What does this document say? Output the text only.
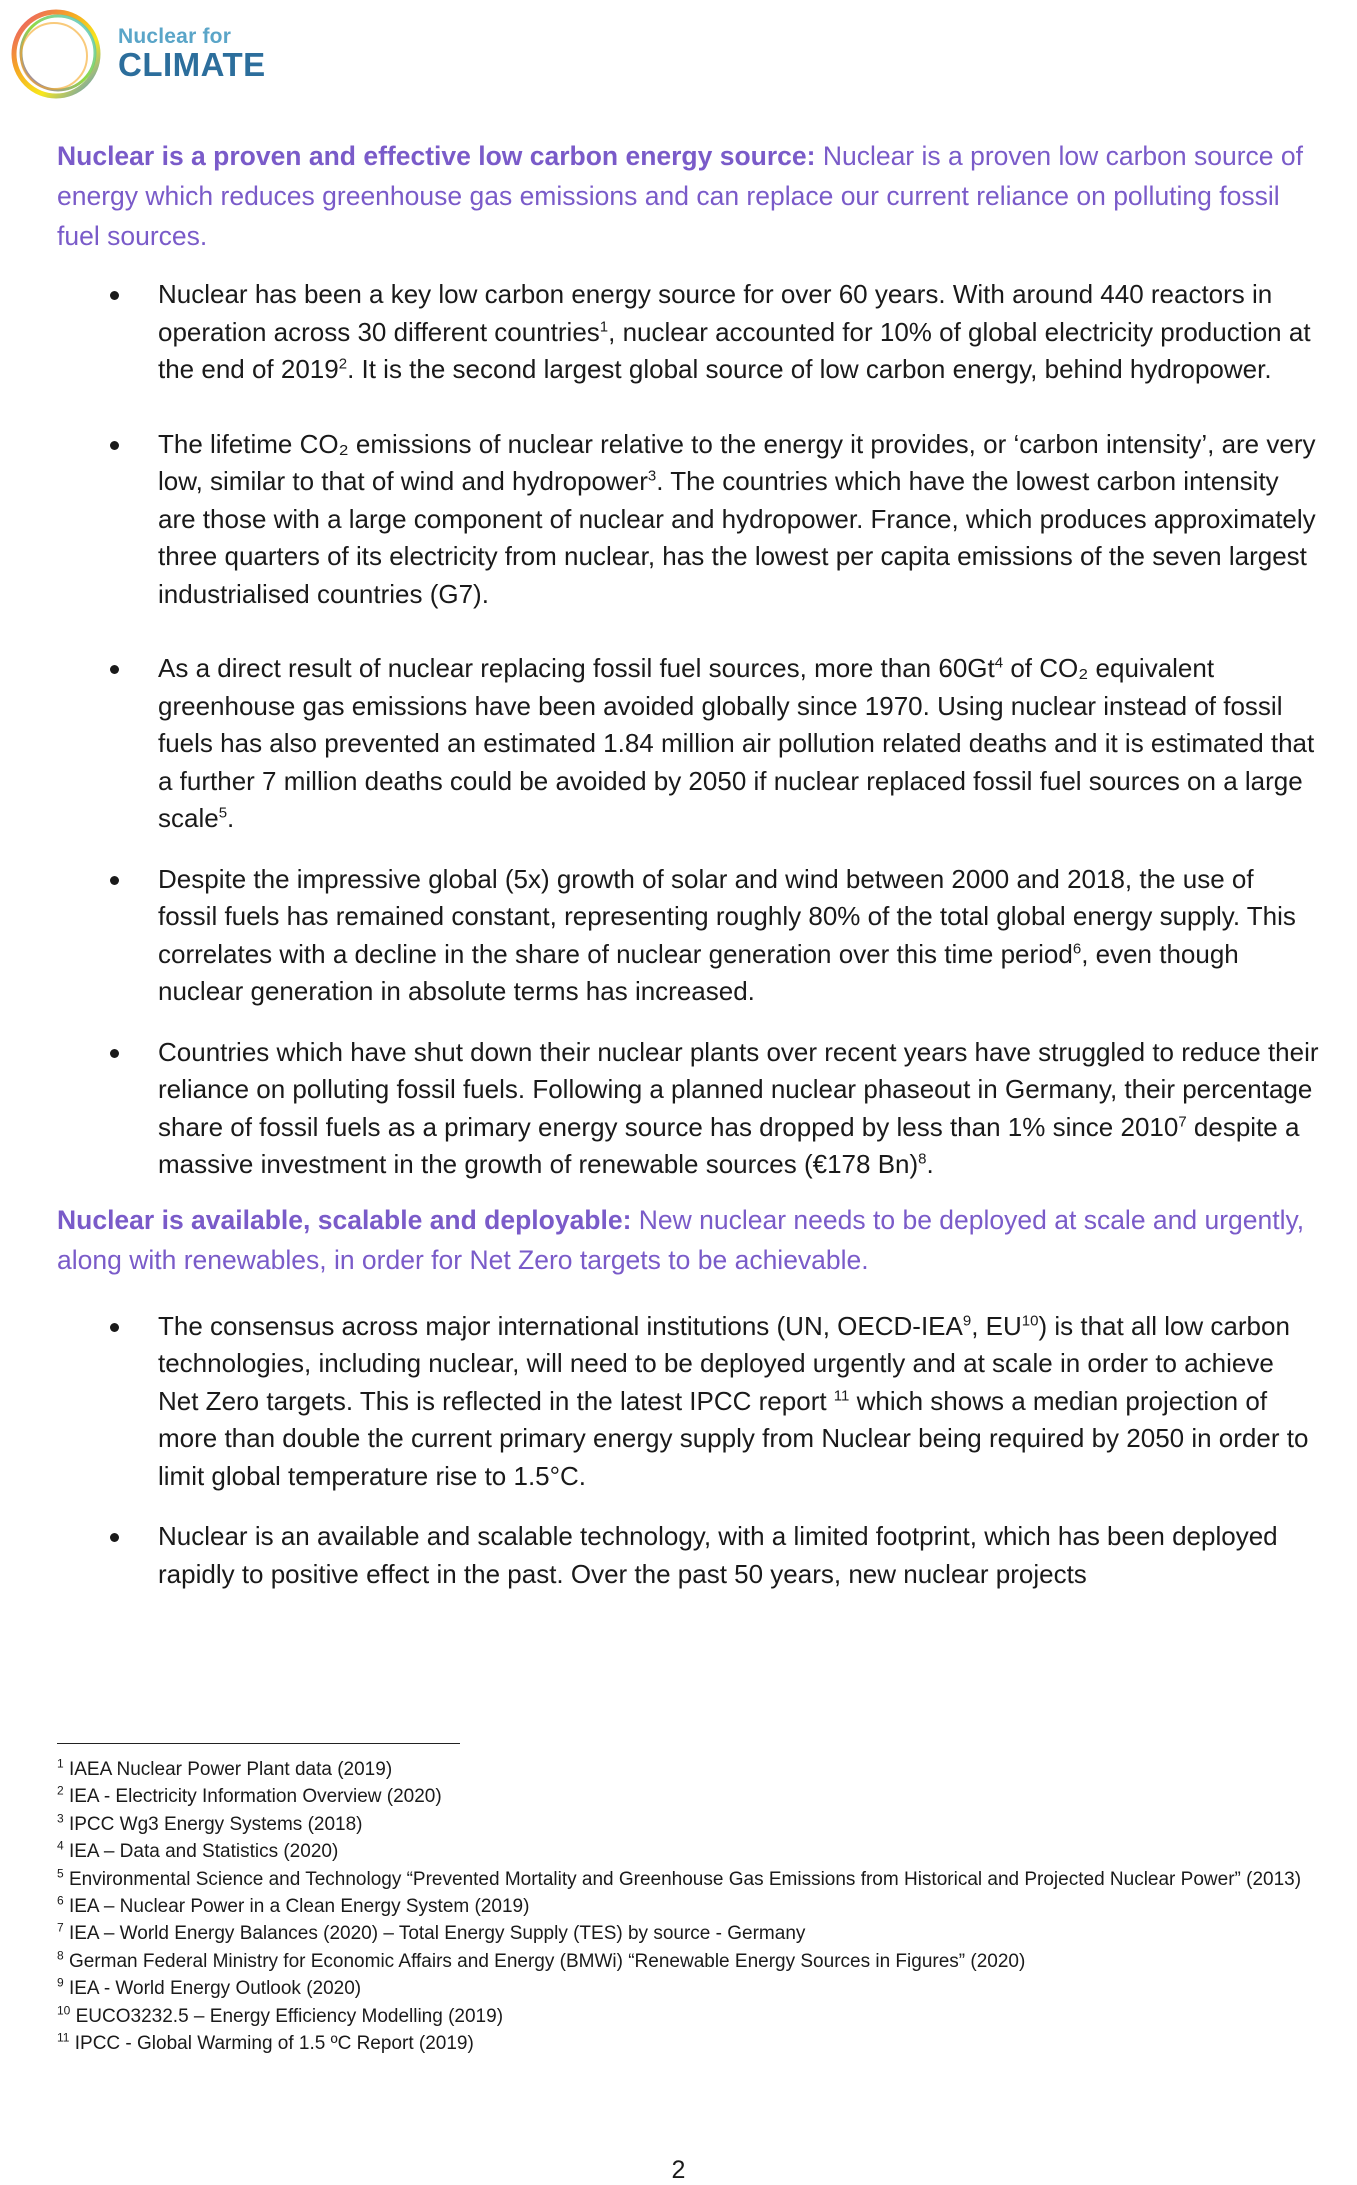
Nuclear for
CLIMATE

Nuclear is a proven and effective low carbon energy source: Nuclear is a proven low carbon source of energy which reduces greenhouse gas emissions and can replace our current reliance on polluting fossil fuel sources.

Nuclear has been a key low carbon energy source for over 60 years. With around 440 reactors in operation across 30 different countries$^1$, nuclear accounted for 10% of global electricity production at the end of 2019$^2$. It is the second largest global source of low carbon energy, behind hydropower.
The lifetime CO₂ emissions of nuclear relative to the energy it provides, or ‘carbon intensity’, are very low, similar to that of wind and hydropower$^3$. The countries which have the lowest carbon intensity are those with a large component of nuclear and hydropower. France, which produces approximately three quarters of its electricity from nuclear, has the lowest per capita emissions of the seven largest industrialised countries (G7).
As a direct result of nuclear replacing fossil fuel sources, more than 60Gt$^4$ of CO₂ equivalent greenhouse gas emissions have been avoided globally since 1970. Using nuclear instead of fossil fuels has also prevented an estimated 1.84 million air pollution related deaths and it is estimated that a further 7 million deaths could be avoided by 2050 if nuclear replaced fossil fuel sources on a large scale$^5$.
Despite the impressive global (5x) growth of solar and wind between 2000 and 2018, the use of fossil fuels has remained constant, representing roughly 80% of the total global energy supply. This correlates with a decline in the share of nuclear generation over this time period$^6$, even though nuclear generation in absolute terms has increased.
Countries which have shut down their nuclear plants over recent years have struggled to reduce their reliance on polluting fossil fuels. Following a planned nuclear phaseout in Germany, their percentage share of fossil fuels as a primary energy source has dropped by less than 1% since 2010$^7$ despite a massive investment in the growth of renewable sources (€178 Bn)$^8$.

Nuclear is available, scalable and deployable: New nuclear needs to be deployed at scale and urgently, along with renewables, in order for Net Zero targets to be achievable.

The consensus across major international institutions (UN, OECD-IEA$^9$, EU$^{10}$) is that all low carbon technologies, including nuclear, will need to be deployed urgently and at scale in order to achieve Net Zero targets. This is reflected in the latest IPCC report $^{11}$ which shows a median projection of more than double the current primary energy supply from Nuclear being required by 2050 in order to limit global temperature rise to 1.5°C.
Nuclear is an available and scalable technology, with a limited footprint, which has been deployed rapidly to positive effect in the past. Over the past 50 years, new nuclear projects

$^1$ IAEA Nuclear Power Plant data (2019)

$^2$ IEA - Electricity Information Overview (2020)

$^3$ IPCC Wg3 Energy Systems (2018)

$^4$ IEA – Data and Statistics (2020)

$^5$ Environmental Science and Technology “Prevented Mortality and Greenhouse Gas Emissions from Historical and Projected Nuclear Power” (2013)

$^6$ IEA – Nuclear Power in a Clean Energy System (2019)

$^7$ IEA – World Energy Balances (2020) – Total Energy Supply (TES) by source - Germany

$^8$ German Federal Ministry for Economic Affairs and Energy (BMWi) “Renewable Energy Sources in Figures” (2020)

$^9$ IEA - World Energy Outlook (2020)

$^{10}$ EUCO3232.5 – Energy Efficiency Modelling (2019)

$^{11}$ IPCC - Global Warming of 1.5 ºC Report (2019)

2
